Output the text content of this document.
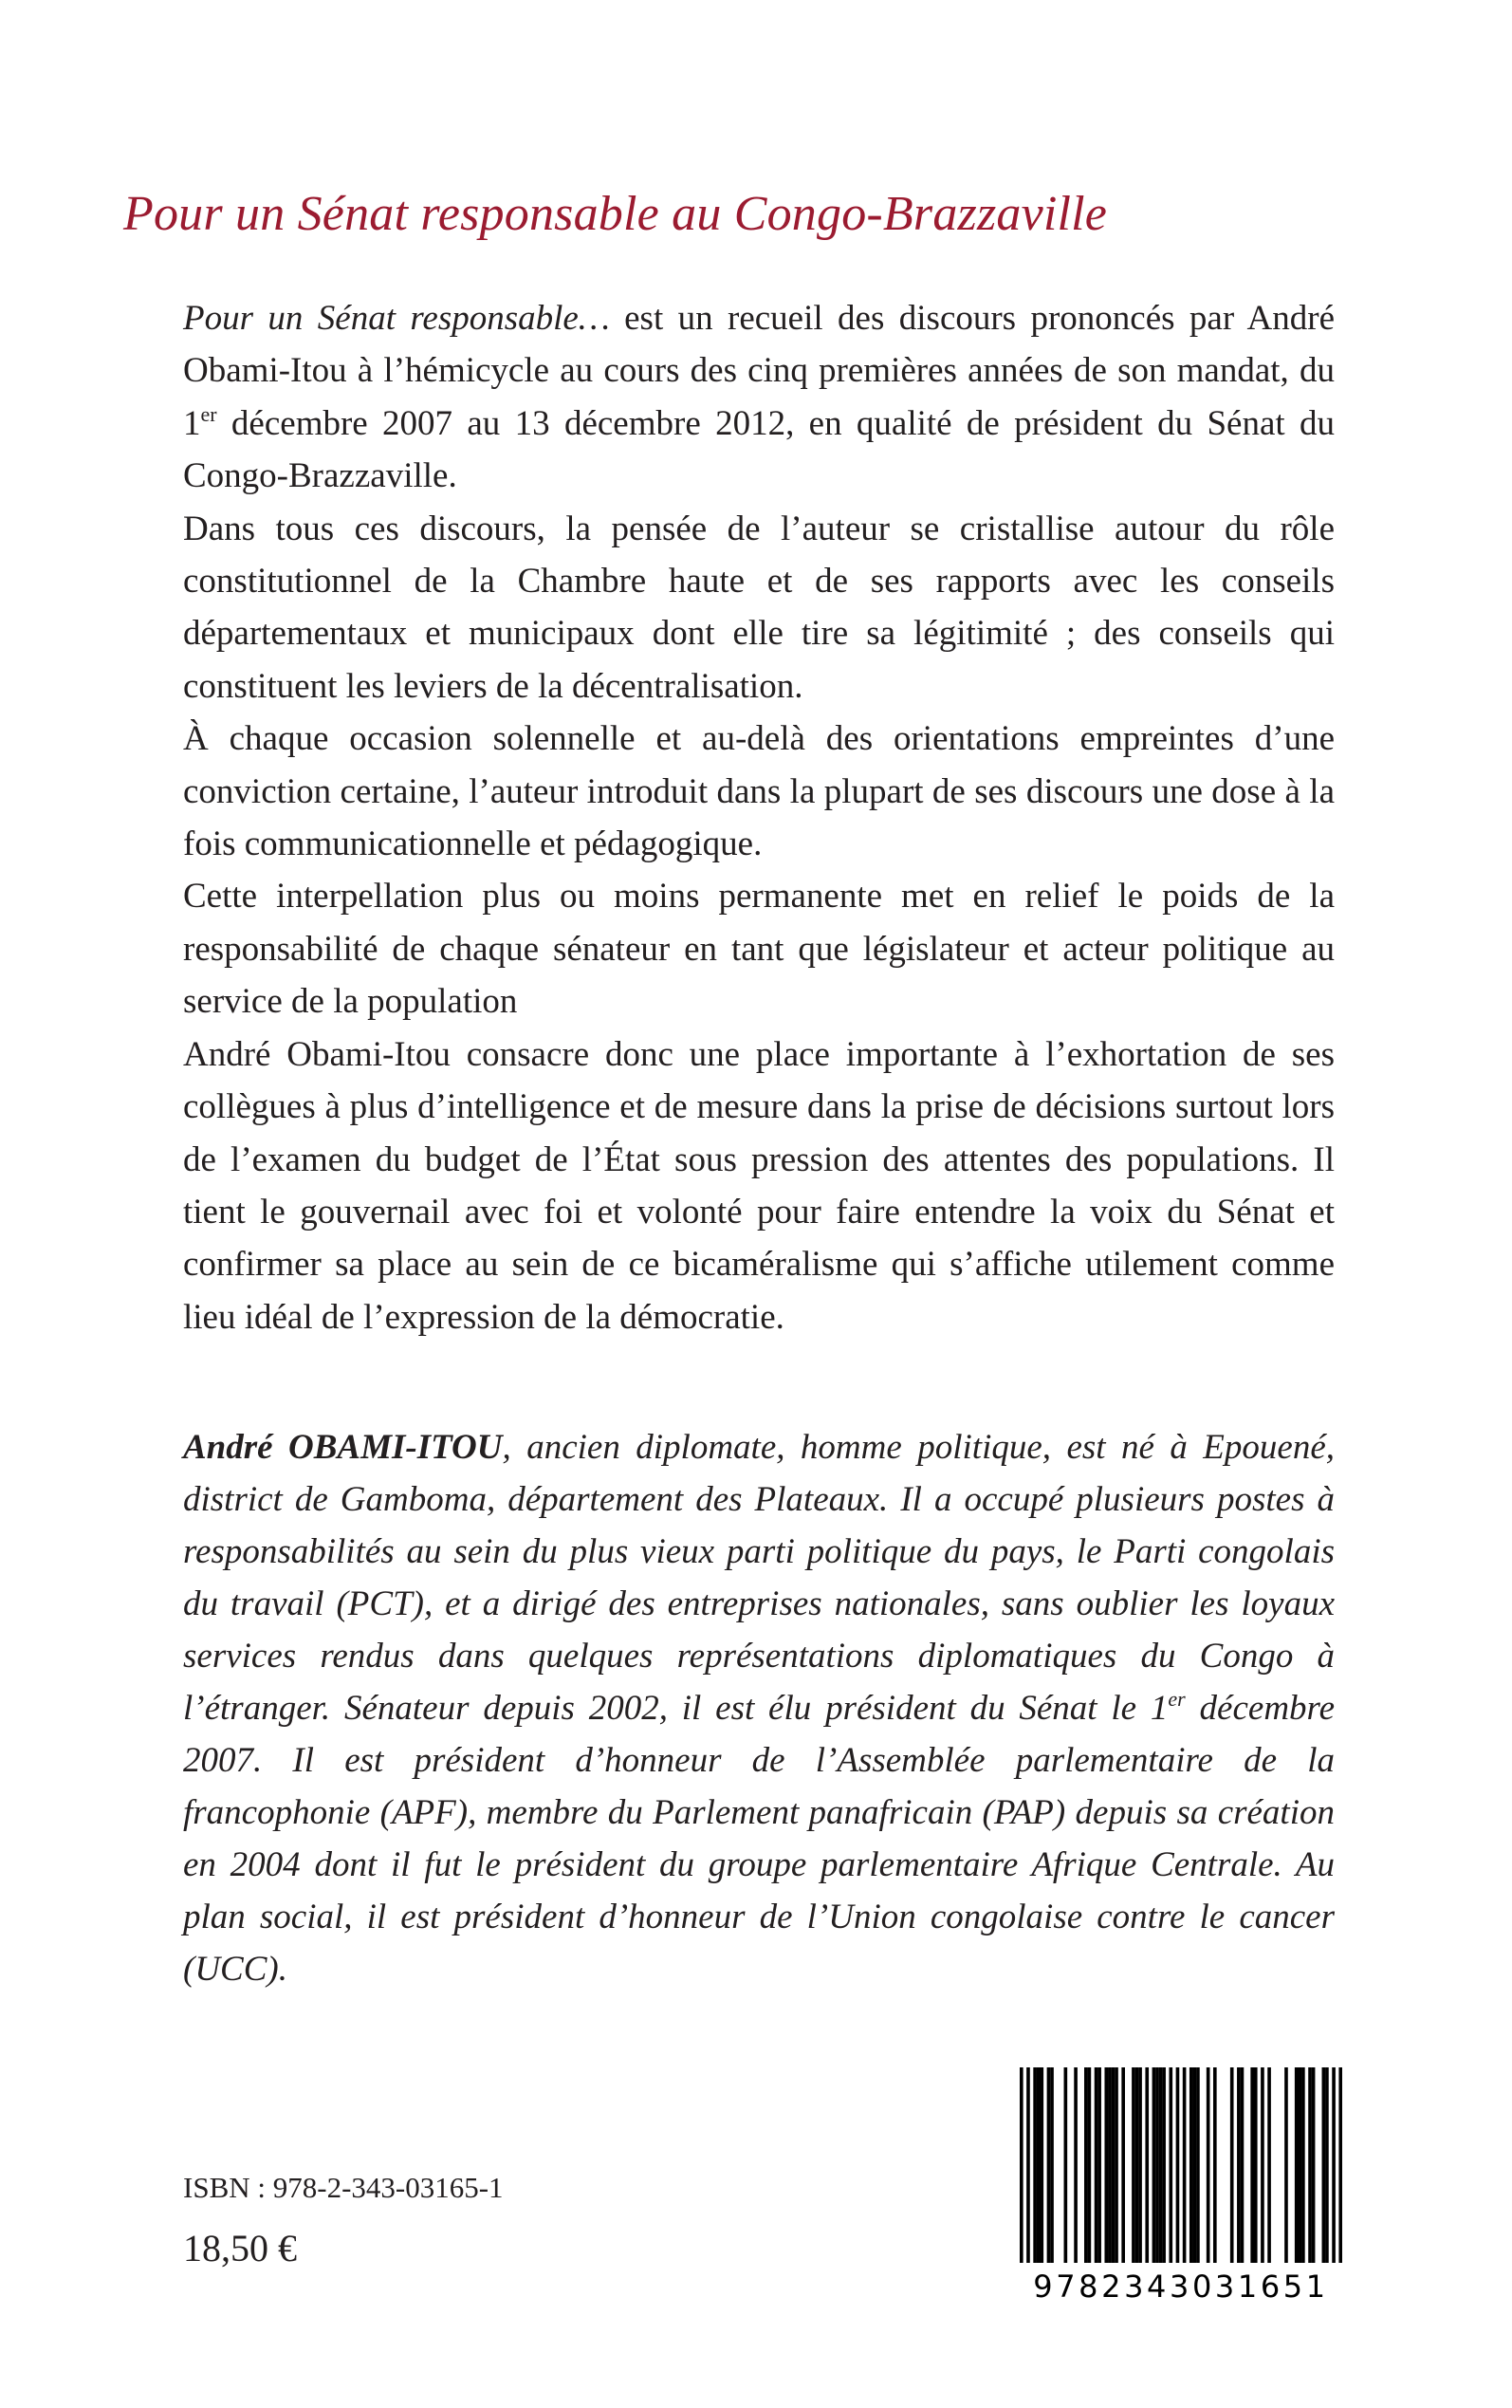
Pour un Sénat responsable au Congo-Brazzaville

Pour un Sénat responsable… est un recueil des discours prononcés par André Obami-Itou à l’hémicycle au cours des cinq premières années de son mandat, du 1er décembre 2007 au 13 décembre 2012, en qualité de président du Sénat du Congo-Brazzaville.

Dans tous ces discours, la pensée de l’auteur se cristallise autour du rôle constitutionnel de la Chambre haute et de ses rapports avec les conseils départementaux et municipaux dont elle tire sa légitimité ; des conseils qui constituent les leviers de la décentralisation.

À chaque occasion solennelle et au-delà des orientations empreintes d’une conviction certaine, l’auteur introduit dans la plupart de ses discours une dose à la fois communicationnelle et pédagogique.

Cette interpellation plus ou moins permanente met en relief le poids de la responsabilité de chaque sénateur en tant que législateur et acteur politique au service de la population

André Obami-Itou consacre donc une place importante à l’exhortation de ses collègues à plus d’intelligence et de mesure dans la prise de décisions surtout lors de l’examen du budget de l’État sous pression des attentes des populations. Il tient le gouvernail avec foi et volonté pour faire entendre la voix du Sénat et confirmer sa place au sein de ce bicaméralisme qui s’affiche utilement comme lieu idéal de l’expression de la démocratie.

André OBAMI-ITOU, ancien diplomate, homme politique, est né à Epouené, district de Gamboma, département des Plateaux. Il a occupé plusieurs postes à responsabilités au sein du plus vieux parti politique du pays, le Parti congolais du travail (PCT), et a dirigé des entreprises nationales, sans oublier les loyaux services rendus dans quelques représentations diplomatiques du Congo à l’étranger. Sénateur depuis 2002, il est élu président du Sénat le 1er décembre 2007. Il est président d’honneur de l’Assemblée parlementaire de la francophonie (APF), membre du Parlement panafricain (PAP) depuis sa création en 2004 dont il fut le président du groupe parlementaire Afrique Centrale. Au plan social, il est président d’honneur de l’Union congolaise contre le cancer (UCC).

ISBN : 978-2-343-03165-1
18,50 €
9782343031651
